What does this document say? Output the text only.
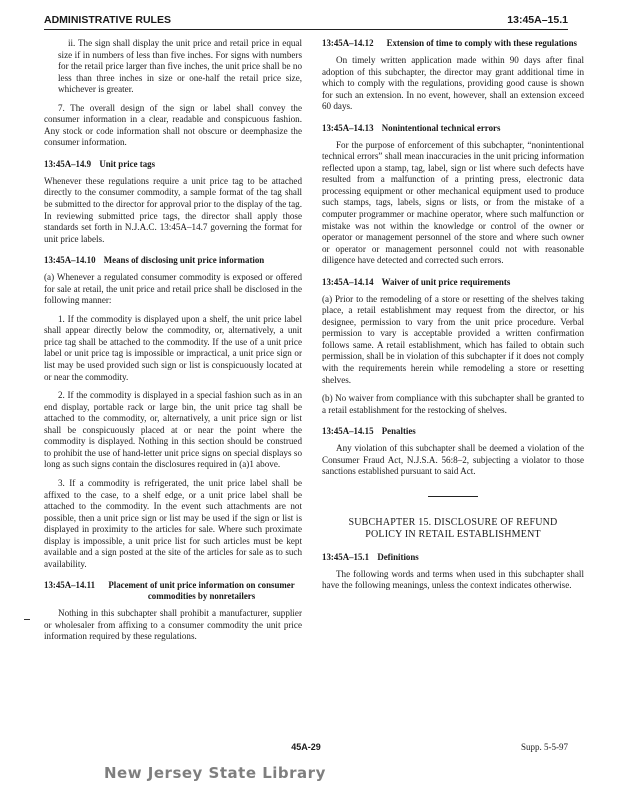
ADMINISTRATIVE RULES	13:45A–15.1

ii. The sign shall display the unit price and retail price in equal size if in numbers of less than five inches. For signs with numbers for the retail price larger than five inches, the unit price shall be no less than three inches in size or one-half the retail price size, whichever is greater.

7. The overall design of the sign or label shall convey the consumer information in a clear, readable and conspicuous fashion. Any stock or code information shall not obscure or deemphasize the consumer information.

13:45A–14.9 Unit price tags

Whenever these regulations require a unit price tag to be attached directly to the consumer commodity, a sample format of the tag shall be submitted to the director for approval prior to the display of the tag. In reviewing submitted price tags, the director shall apply those standards set forth in N.J.A.C. 13:45A–14.7 governing the format for unit price labels.

13:45A–14.10 Means of disclosing unit price information

(a) Whenever a regulated consumer commodity is exposed or offered for sale at retail, the unit price and retail price shall be disclosed in the following manner:

1. If the commodity is displayed upon a shelf, the unit price label shall appear directly below the commodity, or, alternatively, a unit price tag shall be attached to the commodity. If the use of a unit price label or unit price tag is impossible or impractical, a unit price sign or list may be used provided such sign or list is conspicuously located at or near the commodity.

2. If the commodity is displayed in a special fashion such as in an end display, portable rack or large bin, the unit price tag shall be attached to the commodity, or, alternatively, a unit price sign or list shall be conspicuously placed at or near the point where the commodity is displayed. Nothing in this section should be construed to prohibit the use of hand-letter unit price signs on special displays so long as such signs contain the disclosures required in (a)1 above.

3. If a commodity is refrigerated, the unit price label shall be affixed to the case, to a shelf edge, or a unit price label shall be attached to the commodity. In the event such attachments are not possible, then a unit price sign or list may be used if the sign or list is displayed in proximity to the articles for sale. Where such proximate display is impossible, a unit price list for such articles must be kept available and a sign posted at the site of the articles for sale as to such availability.

13:45A–14.11	Placement of unit price information on consumer commodities by nonretailers

Nothing in this subchapter shall prohibit a manufacturer, supplier or wholesaler from affixing to a consumer commodity the unit price information required by these regulations.

13:45A–14.12	Extension of time to comply with these regulations

On timely written application made within 90 days after final adoption of this subchapter, the director may grant additional time in which to comply with the regulations, providing good cause is shown for such an extension. In no event, however, shall an extension exceed 60 days.

13:45A–14.13 Nonintentional technical errors

For the purpose of enforcement of this subchapter, “nonintentional technical errors” shall mean inaccuracies in the unit pricing information reflected upon a stamp, tag, label, sign or list where such defects have resulted from a malfunction of a printing press, electronic data processing equipment or other mechanical equipment used to produce such stamps, tags, labels, signs or lists, or from the mistake of a computer programmer or machine operator, where such malfunction or mistake was not within the knowledge or control of the owner or operator or management personnel of the store and where such owner or operator or management personnel could not with reasonable diligence have detected and corrected such errors.

13:45A–14.14 Waiver of unit price requirements

(a) Prior to the remodeling of a store or resetting of the shelves taking place, a retail establishment may request from the director, or his designee, permission to vary from the unit price procedure. Verbal permission to vary is acceptable provided a written confirmation follows same. A retail establishment, which has failed to obtain such permission, shall be in violation of this subchapter if it does not comply with the requirements herein while remodeling a store or resetting shelves.

(b) No waiver from compliance with this subchapter shall be granted to a retail establishment for the restocking of shelves.

13:45A–14.15 Penalties

Any violation of this subchapter shall be deemed a violation of the Consumer Fraud Act, N.J.S.A. 56:8–2, subjecting a violator to those sanctions established pursuant to said Act.

SUBCHAPTER 15. DISCLOSURE OF REFUND
POLICY IN RETAIL ESTABLISHMENT
13:45A–15.1 Definitions

The following words and terms when used in this subchapter shall have the following meanings, unless the context indicates otherwise.

45A-29	Supp. 5-5-97
New Jersey State Library
